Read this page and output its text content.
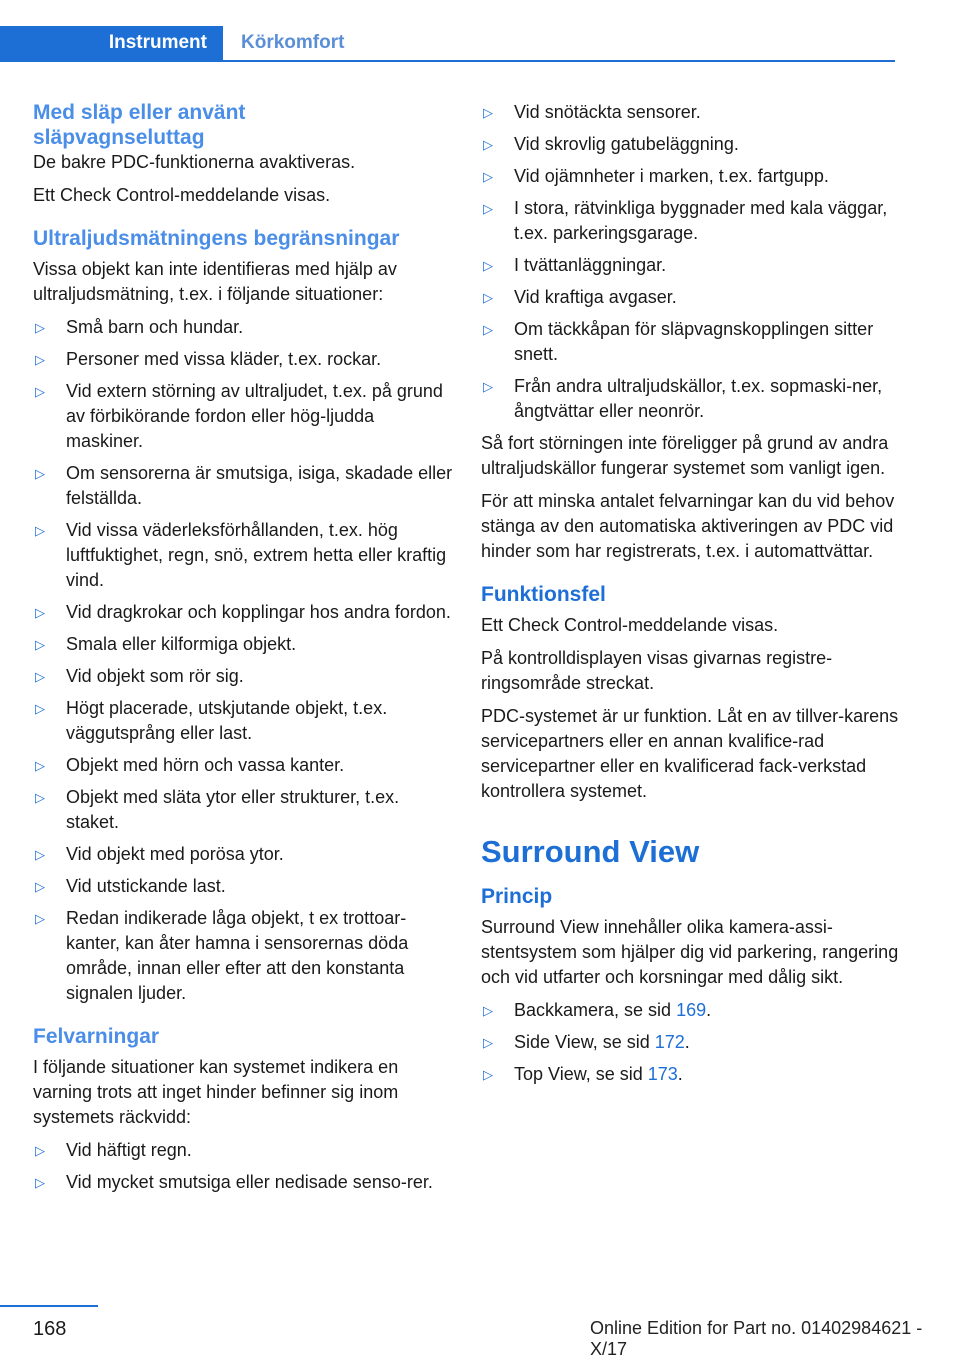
Instrument Körkomfort

Med släp eller använt släpvagnseluttag

De bakre PDC-funktionerna avaktiveras.

Ett Check Control-meddelande visas.

Ultraljudsmätningens begränsningar

Vissa objekt kan inte identifieras med hjälp av ultraljudsmätning, t.ex. i följande situationer:

▷ Små barn och hundar.
▷ Personer med vissa kläder, t.ex. rockar.
▷ Vid extern störning av ultraljudet, t.ex. på grund av förbikörande fordon eller hög-ljudda maskiner.
▷ Om sensorerna är smutsiga, isiga, skadade eller felställda.
▷ Vid vissa väderleksförhållanden, t.ex. hög luftfuktighet, regn, snö, extrem hetta eller kraftig vind.
▷ Vid dragkrokar och kopplingar hos andra fordon.
▷ Smala eller kilformiga objekt.
▷ Vid objekt som rör sig.
▷ Högt placerade, utskjutande objekt, t.ex. väggutsprång eller last.
▷ Objekt med hörn och vassa kanter.
▷ Objekt med släta ytor eller strukturer, t.ex. staket.
▷ Vid objekt med porösa ytor.
▷ Vid utstickande last.
▷ Redan indikerade låga objekt, t ex trottoar-kanter, kan åter hamna i sensorernas döda område, innan eller efter att den konstanta signalen ljuder.

Felvarningar

I följande situationer kan systemet indikera en varning trots att inget hinder befinner sig inom systemets räckvidd:

▷ Vid häftigt regn.
▷ Vid mycket smutsiga eller nedisade senso-rer.
▷ Vid snötäckta sensorer.
▷ Vid skrovlig gatubeläggning.
▷ Vid ojämnheter i marken, t.ex. fartgupp.
▷ I stora, rätvinkliga byggnader med kala väggar, t.ex. parkeringsgarage.
▷ I tvättanläggningar.
▷ Vid kraftiga avgaser.
▷ Om täckkåpan för släpvagnskopplingen sitter snett.
▷ Från andra ultraljudskällor, t.ex. sopmaski-ner, ångtvättar eller neonrör.

Så fort störningen inte föreligger på grund av andra ultraljudskällor fungerar systemet som vanligt igen.

För att minska antalet felvarningar kan du vid behov stänga av den automatiska aktiveringen av PDC vid hinder som har registrerats, t.ex. i automattvättar.

Funktionsfel

Ett Check Control-meddelande visas.

På kontrolldisplayen visas givarnas registre-ringsområde streckat.

PDC-systemet är ur funktion. Låt en av tillver-karens servicepartners eller en annan kvalifice-rad servicepartner eller en kvalificerad fack-verkstad kontrollera systemet.

Surround View

Princip

Surround View innehåller olika kamera-assi-stentsystem som hjälper dig vid parkering, rangering och vid utfarter och korsningar med dålig sikt.

▷ Backkamera, se sid 169.
▷ Side View, se sid 172.
▷ Top View, se sid 173.
168	Online Edition for Part no. 01402984621 - X/17
